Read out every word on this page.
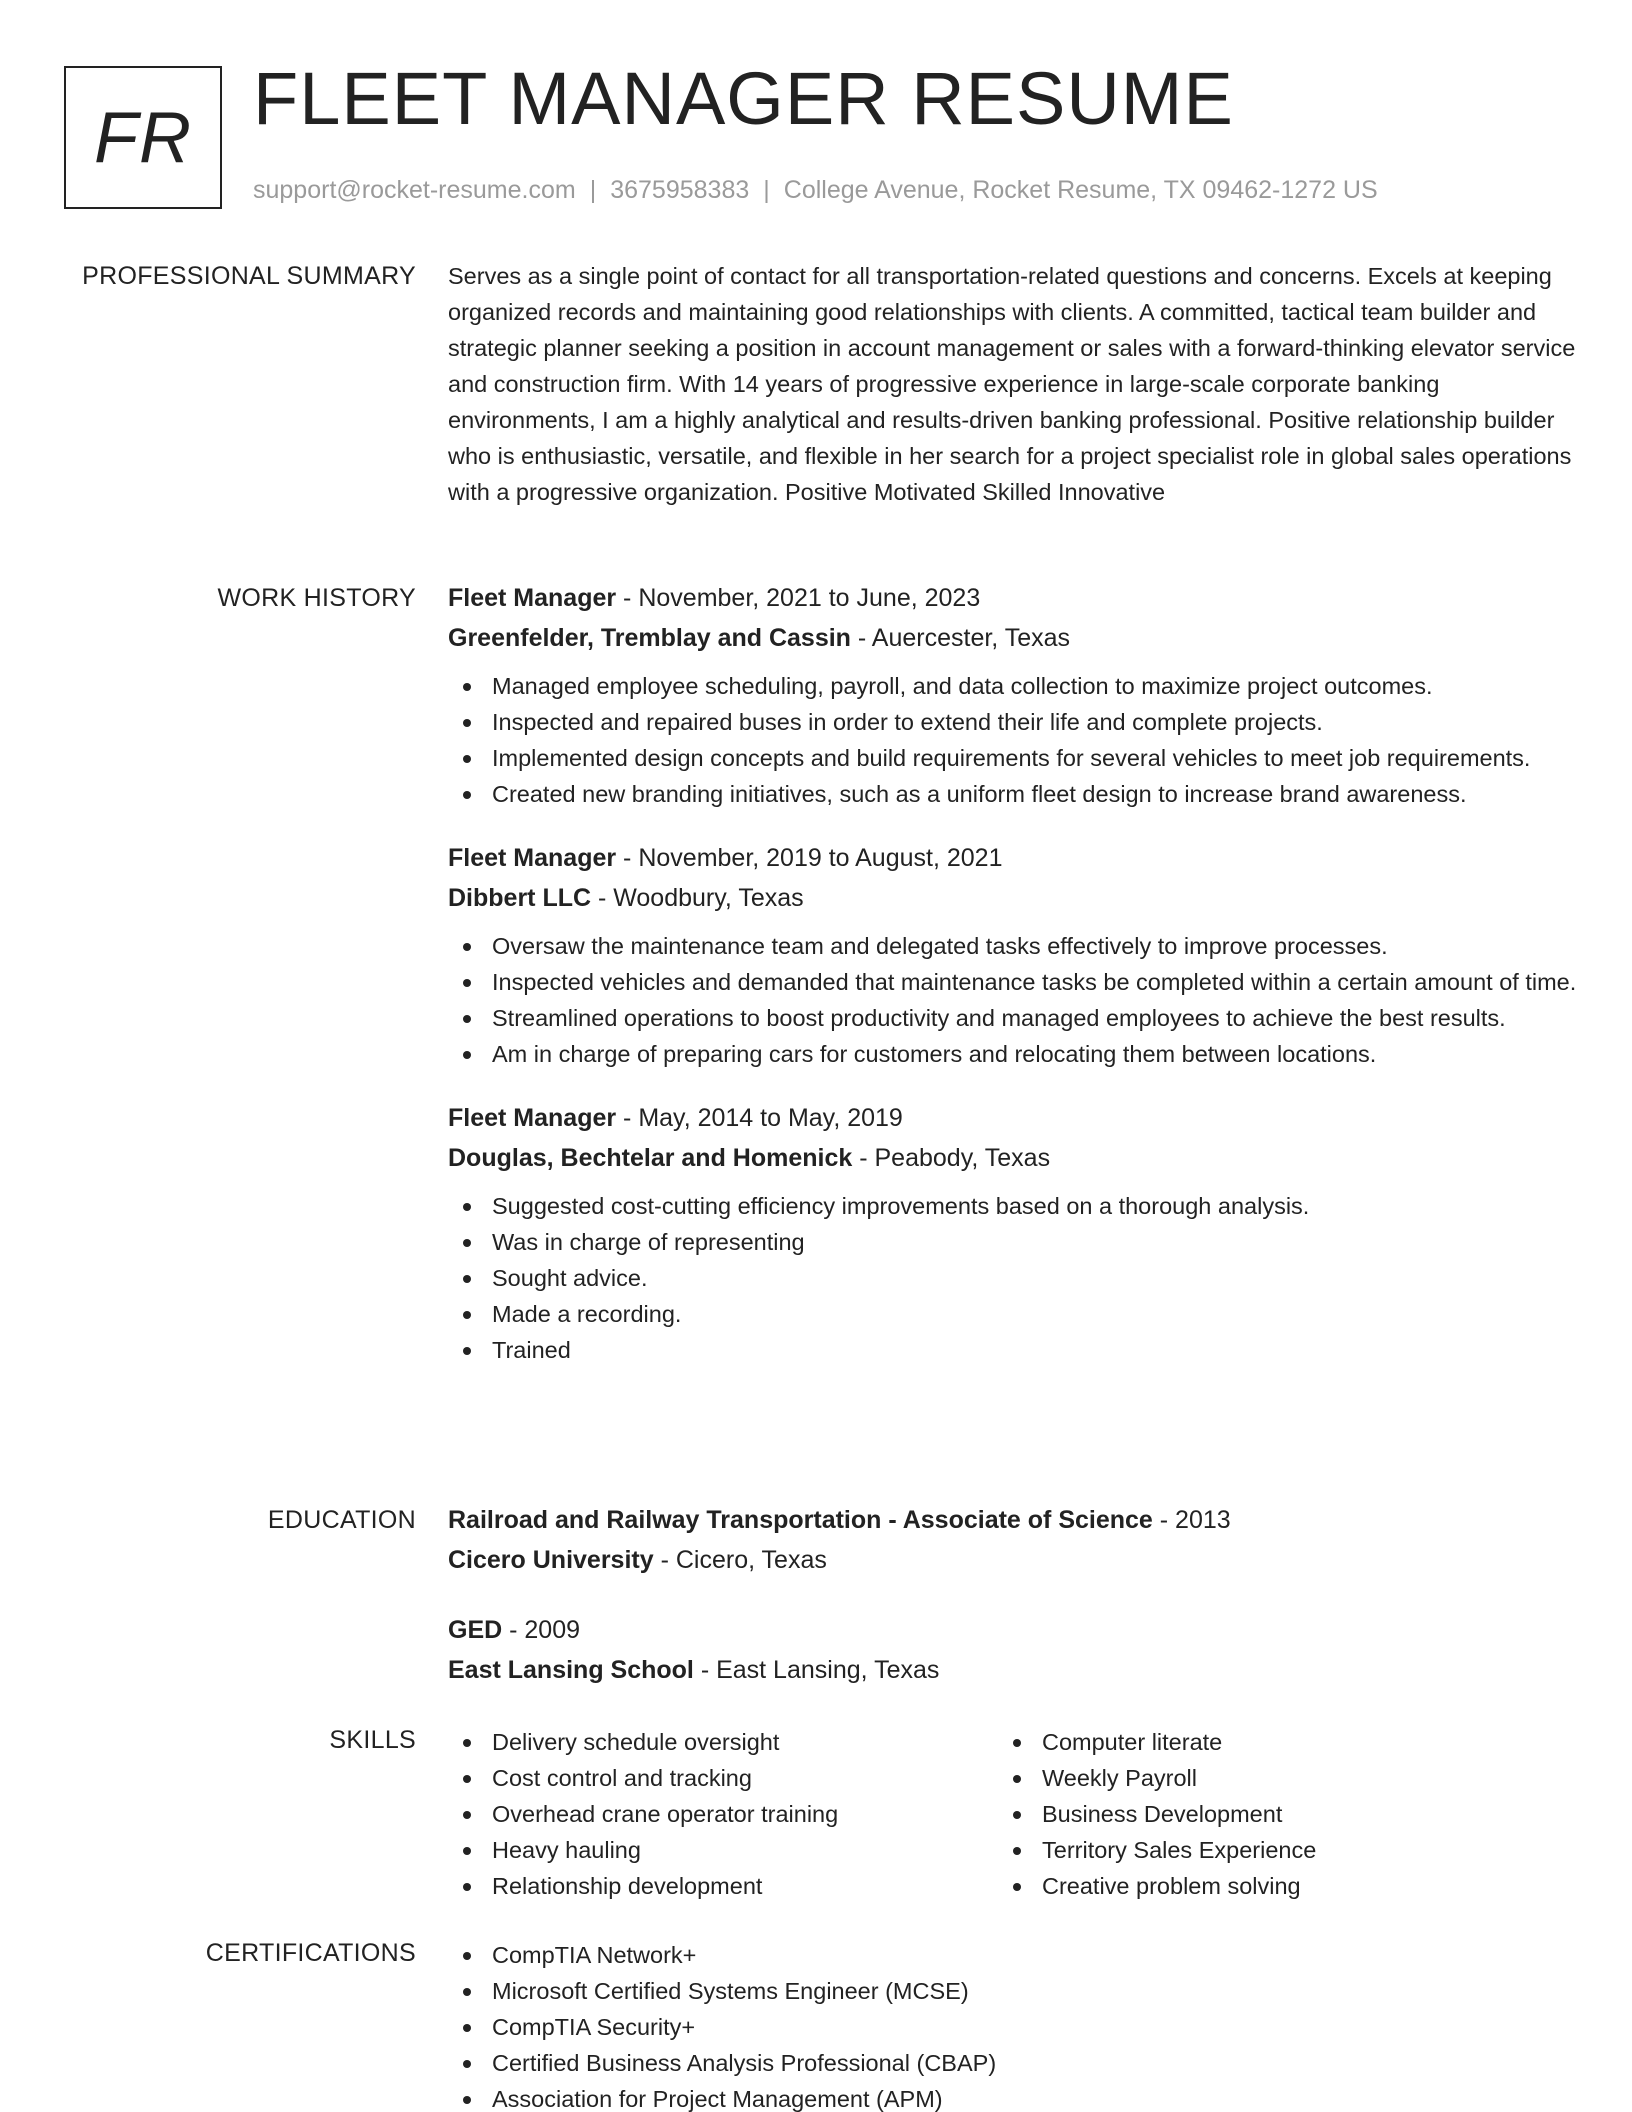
FR FLEET MANAGER RESUME
support@rocket-resume.com | 3675958383 | College Avenue, Rocket Resume, TX 09462-1272 US
PROFESSIONAL SUMMARY Serves as a single point of contact for all transportation-related questions and concerns. Excels at keeping organized records and maintaining good relationships with clients. A committed, tactical team builder and strategic planner seeking a position in account management or sales with a forward-thinking elevator service and construction firm. With 14 years of progressive experience in large-scale corporate banking environments, I am a highly analytical and results-driven banking professional. Positive relationship builder who is enthusiastic, versatile, and flexible in her search for a project specialist role in global sales operations with a progressive organization. Positive Motivated Skilled Innovative
WORK HISTORY Fleet Manager - November, 2021 to June, 2023
Greenfelder, Tremblay and Cassin - Auercester, Texas
Managed employee scheduling, payroll, and data collection to maximize project outcomes.
Inspected and repaired buses in order to extend their life and complete projects.
Implemented design concepts and build requirements for several vehicles to meet job requirements.
Created new branding initiatives, such as a uniform fleet design to increase brand awareness.
Fleet Manager - November, 2019 to August, 2021
Dibbert LLC - Woodbury, Texas
Oversaw the maintenance team and delegated tasks effectively to improve processes.
Inspected vehicles and demanded that maintenance tasks be completed within a certain amount of time.
Streamlined operations to boost productivity and managed employees to achieve the best results.
Am in charge of preparing cars for customers and relocating them between locations.
Fleet Manager - May, 2014 to May, 2019
Douglas, Bechtelar and Homenick - Peabody, Texas
Suggested cost-cutting efficiency improvements based on a thorough analysis.
Was in charge of representing
Sought advice.
Made a recording.
Trained
EDUCATION Railroad and Railway Transportation - Associate of Science - 2013
Cicero University - Cicero, Texas
GED - 2009
East Lansing School - East Lansing, Texas
SKILLS	Delivery schedule oversight
Cost control and tracking
Overhead crane operator training
Heavy hauling
Relationship development
Computer literate
Weekly Payroll
Business Development
Territory Sales Experience
Creative problem solving
CERTIFICATIONS	CompTIA Network+
Microsoft Certified Systems Engineer (MCSE)
CompTIA Security+
Certified Business Analysis Professional (CBAP)
Association for Project Management (APM)
